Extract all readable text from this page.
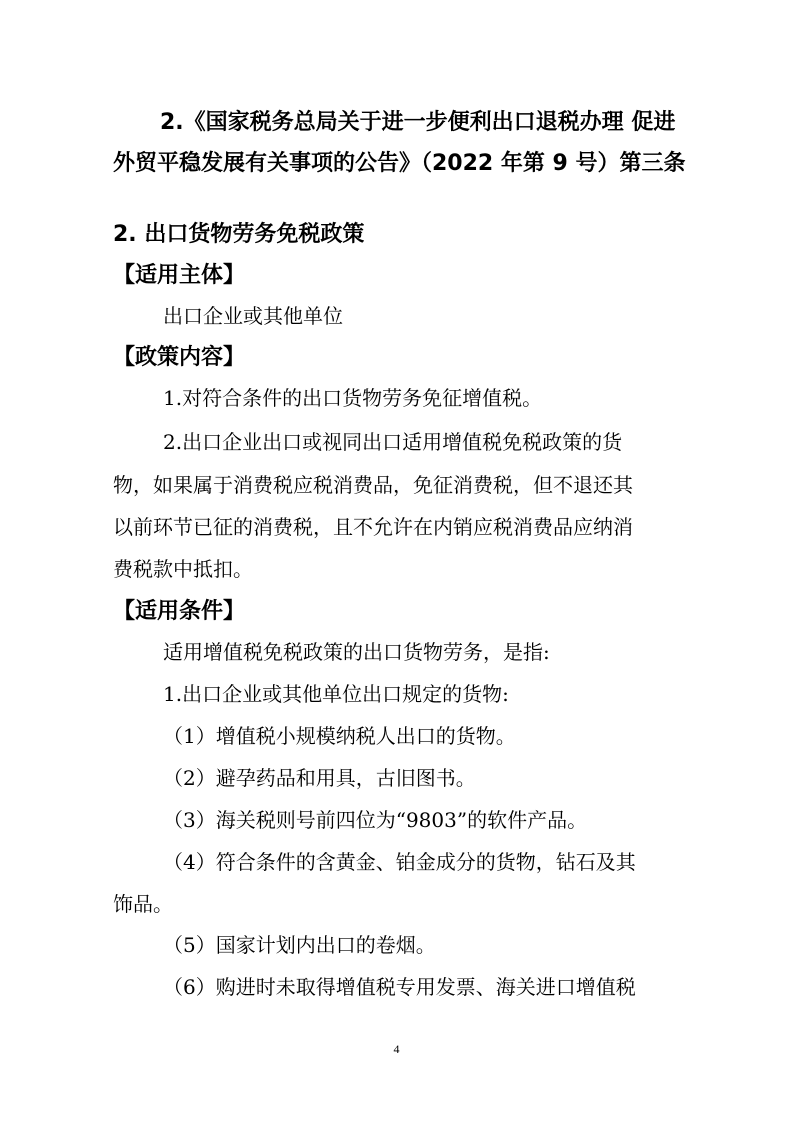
2.《国家税务总局关于进一步便利出口退税办理 促进
外贸平稳发展有关事项的公告》（2022 年第 9 号）第三条
2. 出口货物劳务免税政策
【适用主体】
出口企业或其他单位
【政策内容】
1.对符合条件的出口货物劳务免征增值税。
2.出口企业出口或视同出口适用增值税免税政策的货
物，如果属于消费税应税消费品，免征消费税，但不退还其
以前环节已征的消费税，且不允许在内销应税消费品应纳消
费税款中抵扣。
【适用条件】
适用增值税免税政策的出口货物劳务，是指:
1.出口企业或其他单位出口规定的货物:
（1）增值税小规模纳税人出口的货物。
（2）避孕药品和用具，古旧图书。
（3）海关税则号前四位为“9803”的软件产品。
（4）符合条件的含黄金、铂金成分的货物，钻石及其
饰品。
（5）国家计划内出口的卷烟。
（6）购进时未取得增值税专用发票、海关进口增值税
4
